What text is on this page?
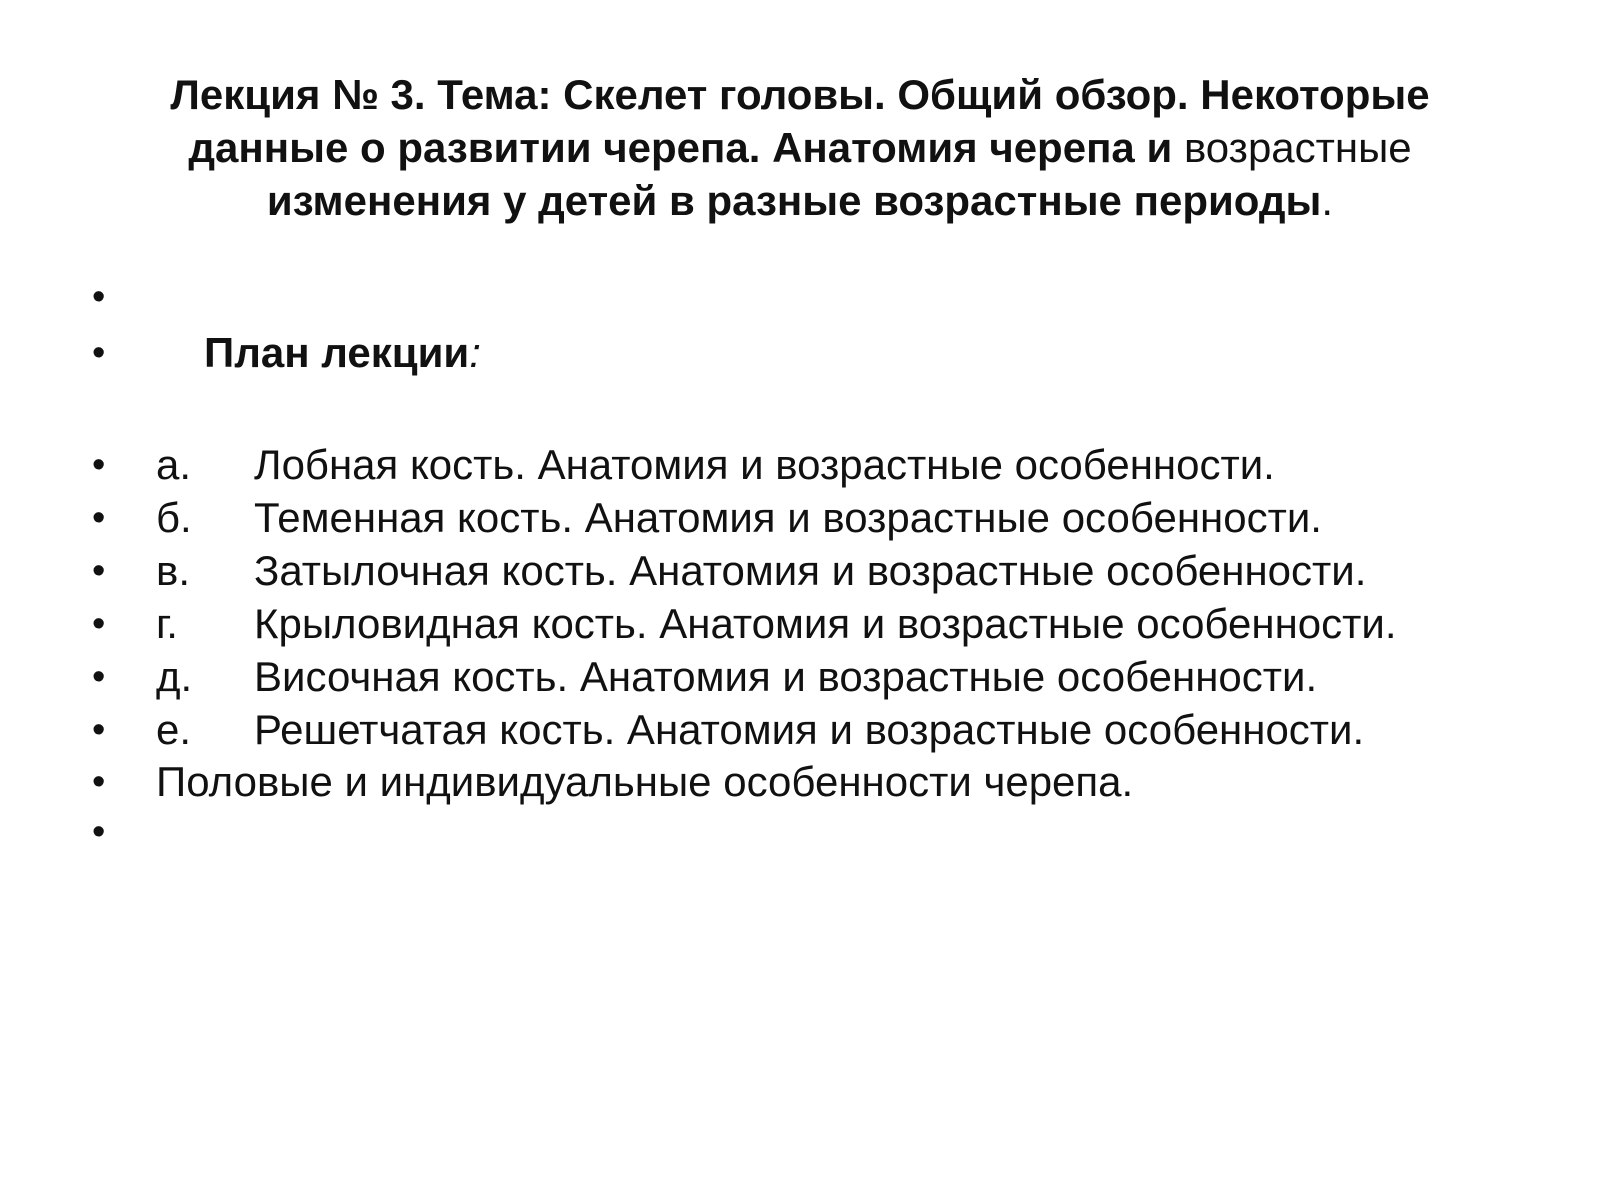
Лекция № 3. Тема: Скелет головы. Общий обзор. Некоторые данные о развитии черепа. Анатомия черепа и возрастные изменения у детей в разные возрастные периоды.
•
• План лекции:
• а. Лобная кость. Анатомия и возрастные особенности.
• б. Теменная кость. Анатомия и возрастные особенности.
• в. Затылочная кость. Анатомия и возрастные особенности.
• г. Крыловидная кость. Анатомия и возрастные особенности.
• д. Височная кость. Анатомия и возрастные особенности.
• е. Решетчатая кость. Анатомия и возрастные особенности.
• Половые и индивидуальные особенности черепа.
•
